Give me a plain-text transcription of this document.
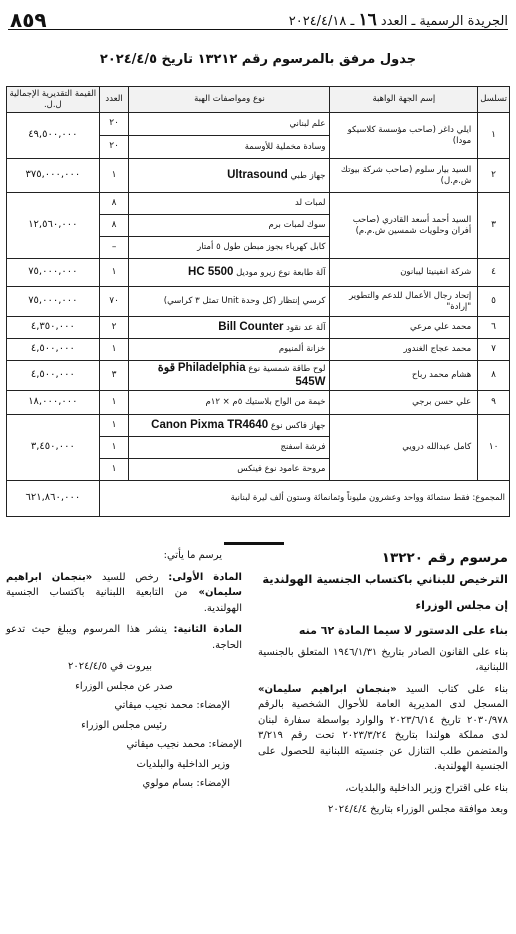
الجريدة الرسمية ـ العدد ١٦ ـ ٢٠٢٤/٤/١٨
٨٥٩
جدول مرفق بالمرسوم رقم ١٣٢١٢ تاريخ ٢٠٢٤/٤/٥
تسلسل	إسم الجهة الواهبة	نوع ومواصفات الهبة	العدد	القيمة التقديرية الإجمالية ل.ل.
١	ايلي داغر (صاحب مؤسسة كلاسيكو مودا)	علم لبناني	٢٠	٤٩,٥٠٠,٠٠٠
		وسادة مخملية للأوسمة	٢٠	
٢	السيد بيار سلوم (صاحب شركة بيوتك ش.م.ل)	جهاز طبي Ultrasound	١	٣٧٥,٠٠٠,٠٠٠
٣	السيد أحمد أسعد القادري (صاحب أفران وحلويات شمسين ش.م.م)	لمبات لد	٨	١٢,٥٦٠,٠٠٠
		سوك لمبات برم	٨	
		كابل كهرباء بجوز مبطن طول ٥ أمتار	–	
٤	شركة انفينيتا ليبانون	آلة طابعة نوع زيرو موديل HC 5500	١	٧٥,٠٠٠,٠٠٠
٥	إتحاد رجال الأعمال للدعم والتطوير "إرادة"	كرسي إنتظار (كل وحدة Unit تمثل ٣ كراسي)	٧٠	٧٥,٠٠٠,٠٠٠
٦	محمد علي مرعي	آلة عد نقود Bill Counter	٢	٤,٣٥٠,٠٠٠
٧	محمد عجاج الغندور	خزانة ألمنيوم	١	٤,٥٠٠,٠٠٠
٨	هشام محمد رباح	لوح طاقة شمسية نوع Philadelphia قوة 545W	٣	٤,٥٠٠,٠٠٠
٩	علي حسن برجي	خيمة من الواح بلاستيك ٥م × ١٢م	١	١٨,٠٠٠,٠٠٠
١٠	كامل عبدالله درويي	جهاز فاكس نوع Canon Pixma TR4640	١	٣,٤٥٠,٠٠٠
		فرشة اسفنج	١	
		مروحة عامود نوع فينكس	١	
المجموع: فقط ستمائة وواحد وعشرون مليوناً وثمانمائة وستون ألف ليرة لبنانية				٦٢١,٨٦٠,٠٠٠
مرسوم رقم ١٣٢٢٠
الترخيص للبناني باكتساب الجنسية الهولندية
إن مجلس الوزراء
بناء على الدستور لا سيما المادة ٦٢ منه
بناء على القانون الصادر بتاريخ ١٩٤٦/١/٣١ المتعلق بالجنسية اللبنانية،
بناء على كتاب السيد «بنجمان ابراهيم سليمان» المسجل لدى المديرية العامة للأحوال الشخصية بالرقم ٢٠٣٠/٩٧٨ تاريخ ٢٠٢٣/٦/١٤ والوارد بواسطة سفارة لبنان لدى مملكة هولندا بتاريخ ٢٠٢٣/٣/٢٤ تحت رقم ٣/٢١٩ والمتضمن طلب التنازل عن جنسيته اللبنانية للحصول على الجنسية الهولندية.
بناء على اقتراح وزير الداخلية والبلديات،
وبعد موافقة مجلس الوزراء بتاريخ ٢٠٢٤/٤/٤
يرسم ما يأتي:
المادة الأولى: رخص للسيد «بنجمان ابراهيم سليمان» من التابعية اللبنانية باكتساب الجنسية الهولندية.
المادة الثانية: ينشر هذا المرسوم ويبلغ حيث تدعو الحاجة.
بيروت في ٢٠٢٤/٤/٥
صدر عن مجلس الوزراء
الإمضاء: محمد نجيب ميقاتي
رئيس مجلس الوزراء
الإمضاء: محمد نجيب ميقاتي
وزير الداخلية والبلديات
الإمضاء: بسام مولوي
